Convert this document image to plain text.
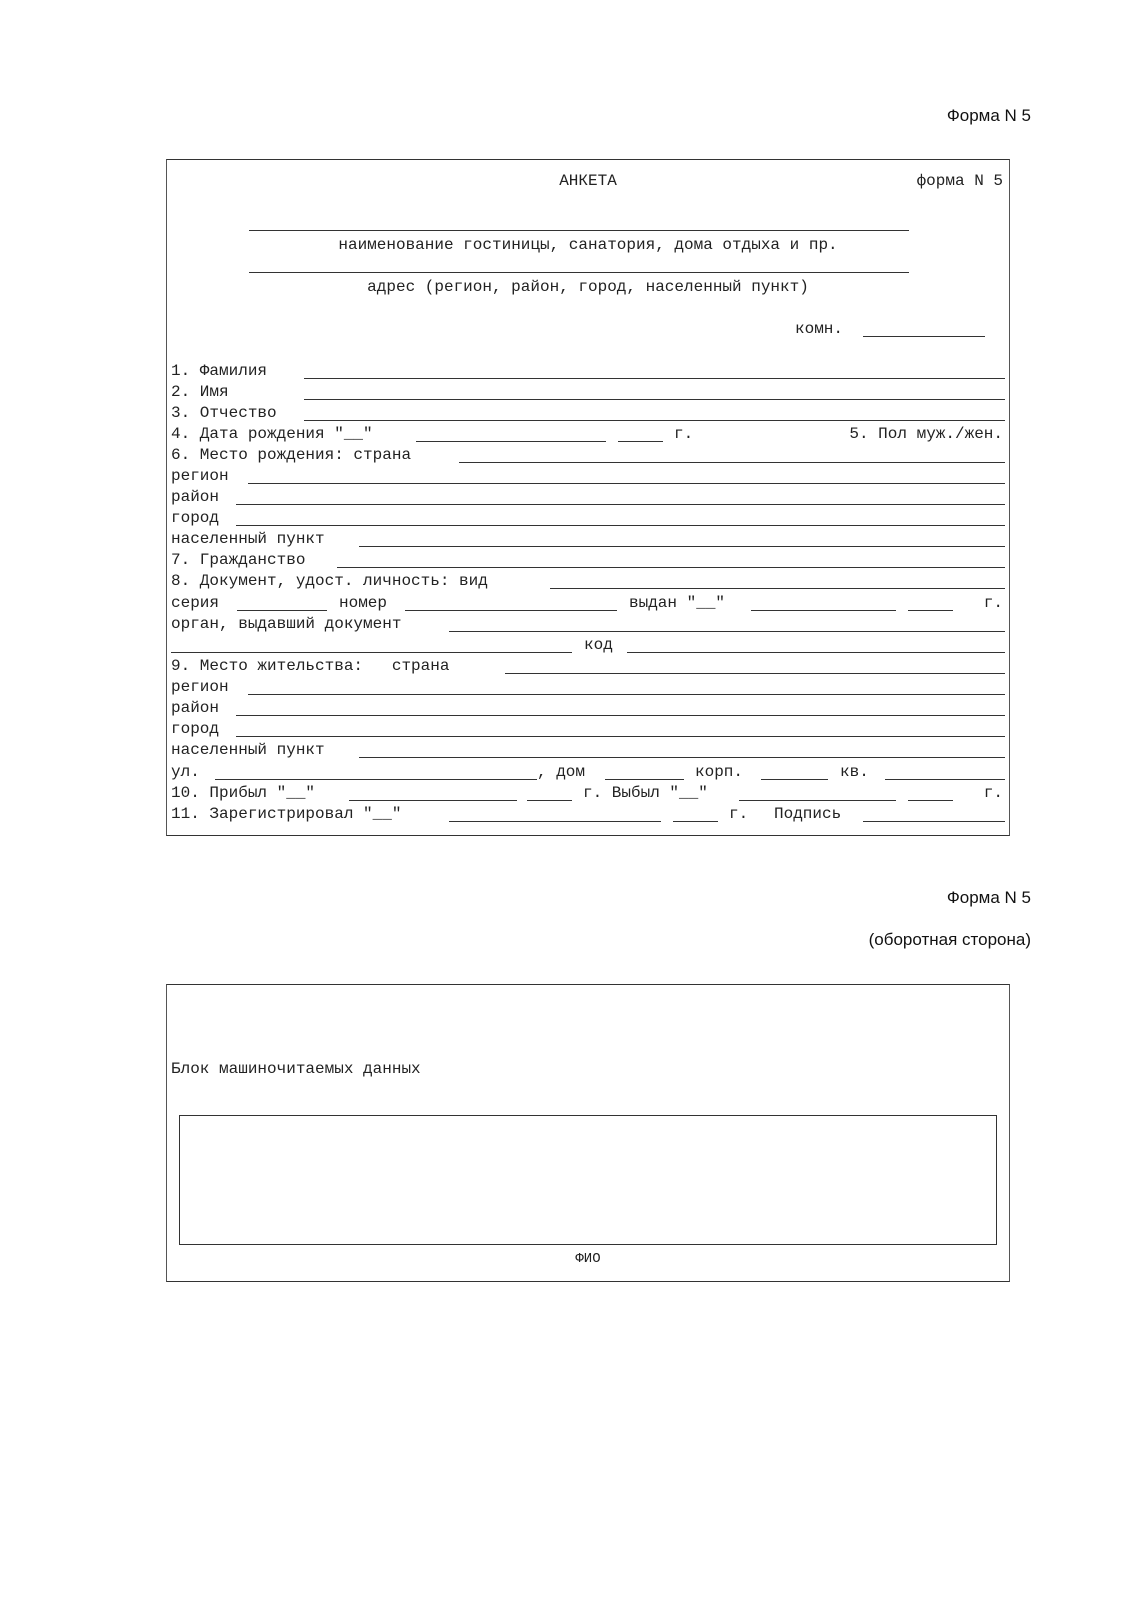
Форма N 5
АНКЕТА	форма N 5
наименование гостиницы, санатория, дома отдыха и пр.
адрес (регион, район, город, населенный пункт)
комн.
1. Фамилия
2. Имя
3. Отчество
4. Дата рождения "__"	г.	5. Пол муж./жен.
6. Место рождения: страна
регион
район
город
населенный пункт
7. Гражданство
8. Документ, удост. личность: вид
серия	номер	выдан "__"	г.
орган, выдавший документ
код
9. Место жительства:   страна
регион
район
город
населенный пункт
ул.	, дом	корп.	кв.
10. Прибыл "__"	г. Выбыл "__"	г.
11. Зарегистрировал "__"	г. Подпись
Форма N 5
(оборотная сторона)
Блок машиночитаемых данных
ФИО
